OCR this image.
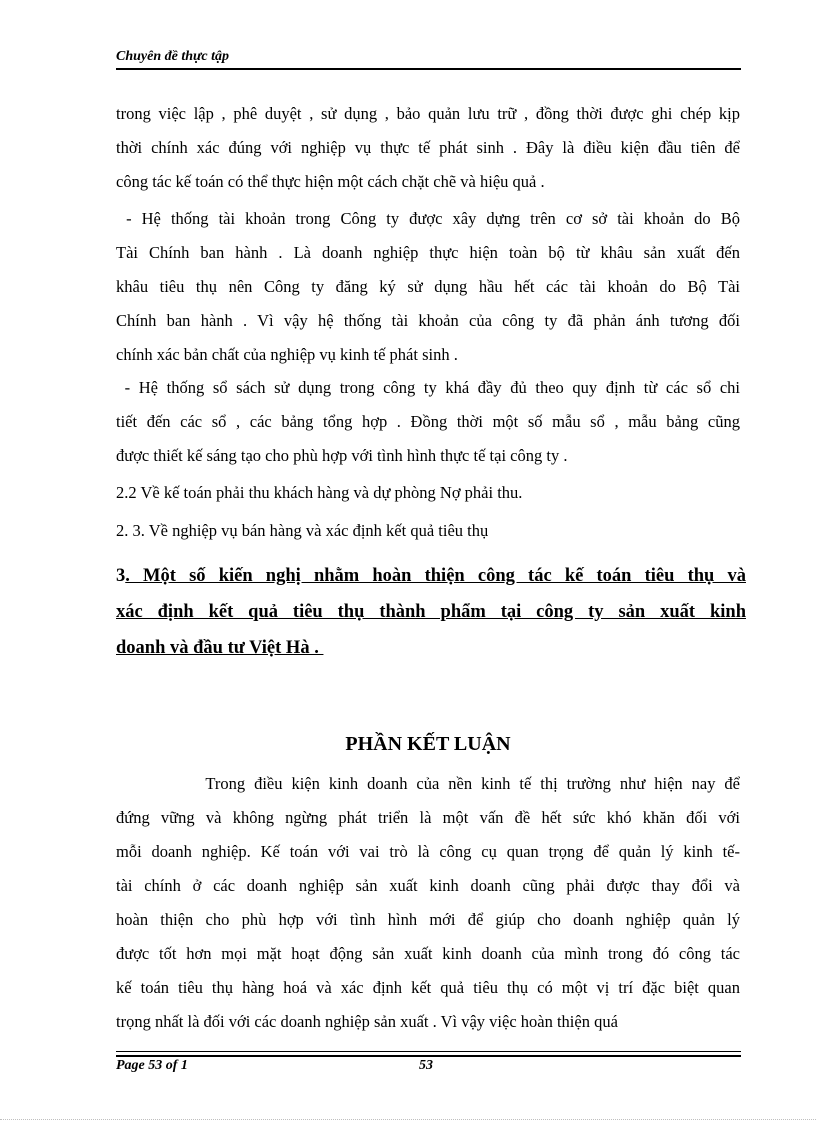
Chuyên đề thực tập
trong việc lập , phê duyệt , sử dụng , bảo quản lưu trữ , đồng thời được ghi chép kịp
thời chính xác đúng với nghiệp vụ thực tế phát sinh . Đây là điều kiện đầu tiên để
công tác kế toán có thể thực hiện một cách chặt chẽ và hiệu quả .
- Hệ thống tài khoản trong Công ty được xây dựng trên cơ sở tài khoản do Bộ
Tài Chính ban hành . Là doanh nghiệp thực hiện toàn bộ từ khâu sản xuất đến
khâu tiêu thụ nên Công ty đăng ký sử dụng hầu hết các tài khoản do Bộ Tài
Chính ban hành . Vì vậy hệ thống tài khoản của công ty đã phản ánh tương đối
chính xác bản chất của nghiệp vụ kinh tế phát sinh .
- Hệ thống sổ sách sử dụng trong công ty khá đầy đủ theo quy định từ các sổ chi
tiết đến các sổ , các bảng tổng hợp . Đồng thời một số mẫu sổ , mẫu bảng cũng
được thiết kế sáng tạo cho phù hợp với tình hình thực tế tại công ty .
2.2 Về kế toán phải thu khách hàng và dự phòng Nợ phải thu.
2. 3. Về nghiệp vụ bán hàng và xác định kết quả tiêu thụ
3. Một số kiến nghị nhằm hoàn thiện công tác kế toán tiêu thụ và
xác định kết quả tiêu thụ thành phẩm tại công ty sản xuất kinh
doanh và đầu tư Việt Hà .
PHẦN KẾT LUẬN
Trong điều kiện kinh doanh của nền kinh tế thị trường như hiện nay để
đứng vững và không ngừng phát triển là một vấn đề hết sức khó khăn đối với
mỗi doanh nghiệp. Kế toán với vai trò là công cụ quan trọng để quản lý kinh tế-
tài chính ở các doanh nghiệp sản xuất kinh doanh cũng phải được thay đổi và
hoàn thiện cho phù hợp với tình hình mới để giúp cho doanh nghiệp quản lý
được tốt hơn mọi mặt hoạt động sản xuất kinh doanh của mình trong đó công tác
kế toán tiêu thụ hàng hoá và xác định kết quả tiêu thụ có một vị trí đặc biệt quan
trọng nhất là đối với các doanh nghiệp sản xuất . Vì vậy việc hoàn thiện quá
Page 53 of 1	53
